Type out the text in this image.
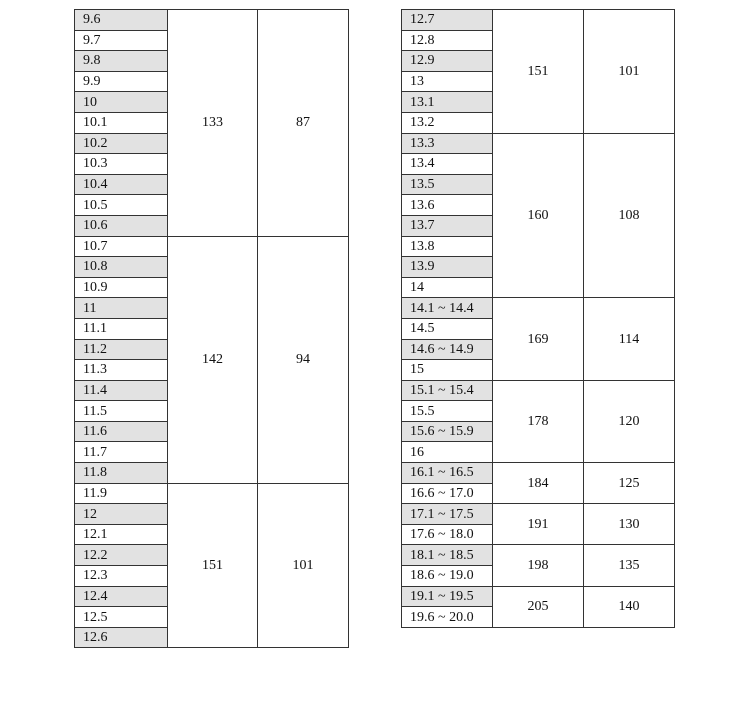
9.6	133	87
9.7		
9.8		
9.9		
10		
10.1		
10.2		
10.3		
10.4		
10.5		
10.6		
10.7	142	94
10.8		
10.9		
11		
11.1		
11.2		
11.3		
11.4		
11.5		
11.6		
11.7		
11.8		
11.9	151	101
12		
12.1		
12.2		
12.3		
12.4		
12.5		
12.6		
12.7	151	101
12.8		
12.9		
13		
13.1		
13.2		
13.3	160	108
13.4		
13.5		
13.6		
13.7		
13.8		
13.9		
14		
14.1 ~ 14.4	169	114
14.5		
14.6 ~ 14.9		
15		
15.1 ~ 15.4	178	120
15.5		
15.6 ~ 15.9		
16		
16.1 ~ 16.5	184	125
16.6 ~ 17.0		
17.1 ~ 17.5	191	130
17.6 ~ 18.0		
18.1 ~ 18.5	198	135
18.6 ~ 19.0		
19.1 ~ 19.5	205	140
19.6 ~ 20.0		
